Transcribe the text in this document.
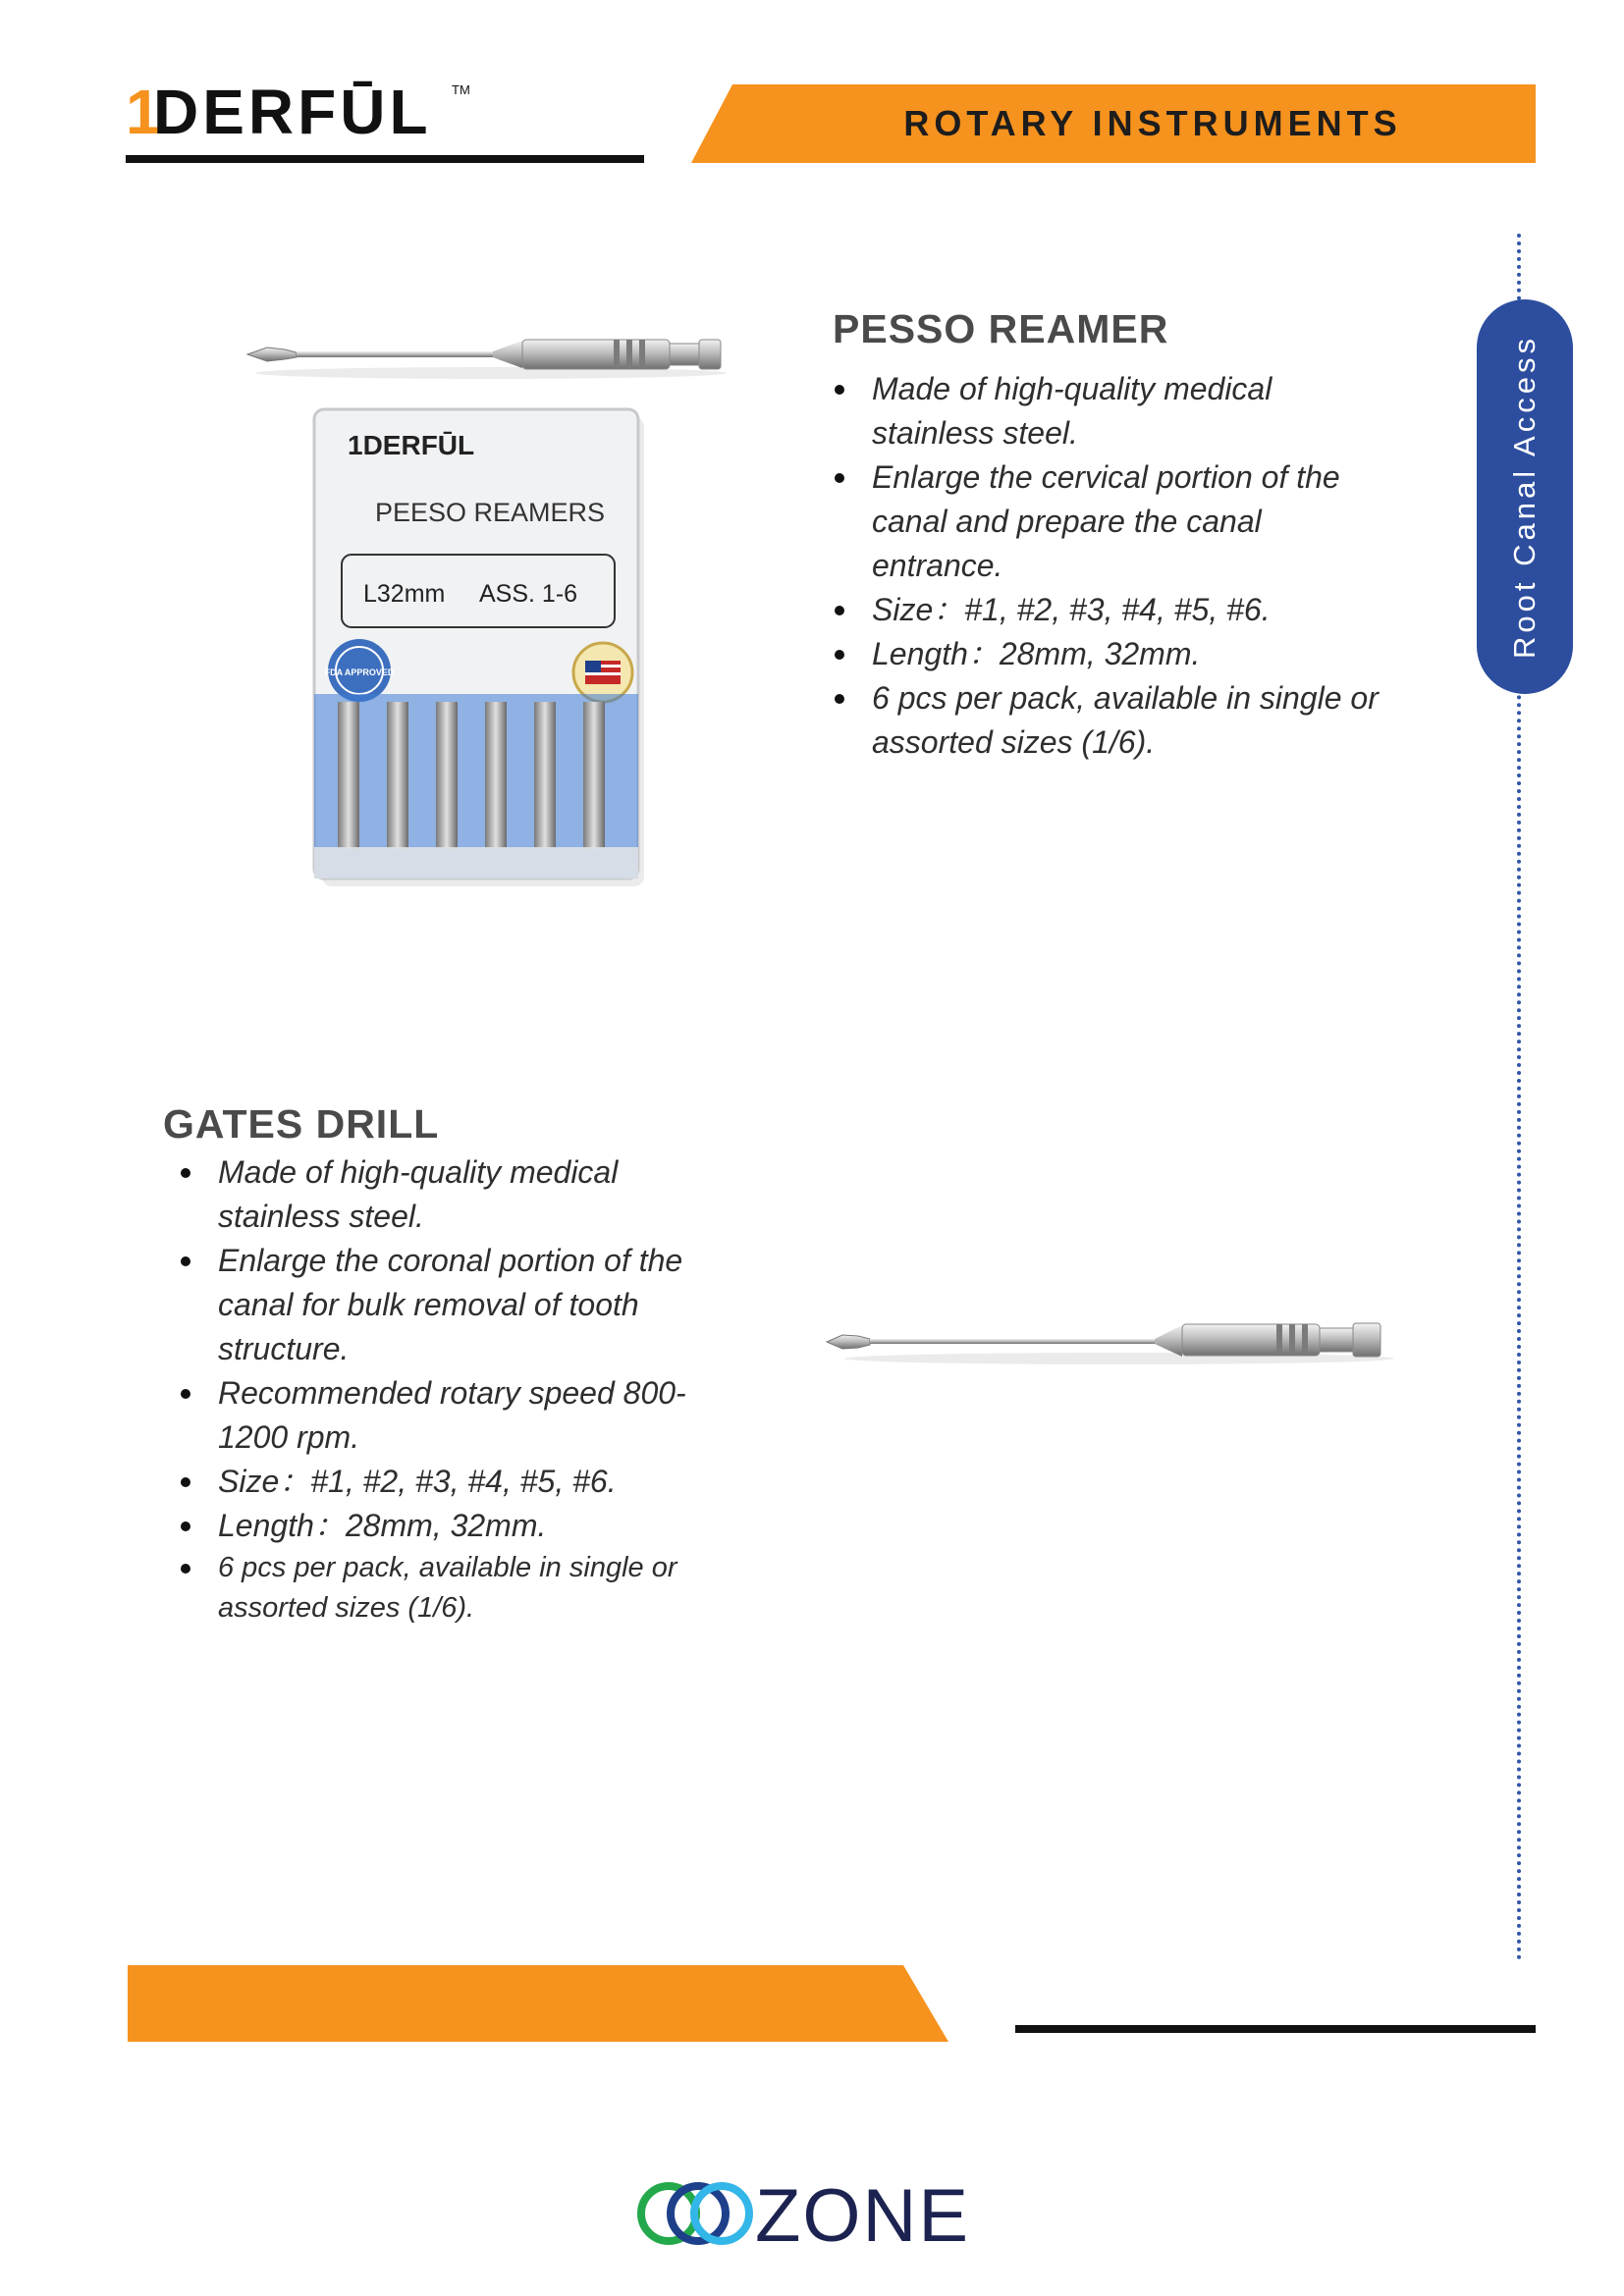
1
DERFŪL TM
ROTARY INSTRUMENTS
Root Canal Access
1DERFŪL
PEESO REAMERS
L32mm ASS. 1-6
FDA APPROVED
PESSO REAMER
Made of high-quality medical stainless steel.
Enlarge the cervical portion of the canal and prepare the canal entrance.
Size：#1, #2, #3, #4, #5, #6.
Length：28mm, 32mm.
6 pcs per pack, available in single or assorted sizes (1/6).
GATES DRILL
Made of high-quality medical stainless steel.
Enlarge the coronal portion of the canal for bulk removal of tooth structure.
Recommended rotary speed 800-1200 rpm.
Size：#1, #2, #3, #4, #5, #6.
Length：28mm, 32mm.
6 pcs per pack, available in single or assorted sizes (1/6).
ZONE
